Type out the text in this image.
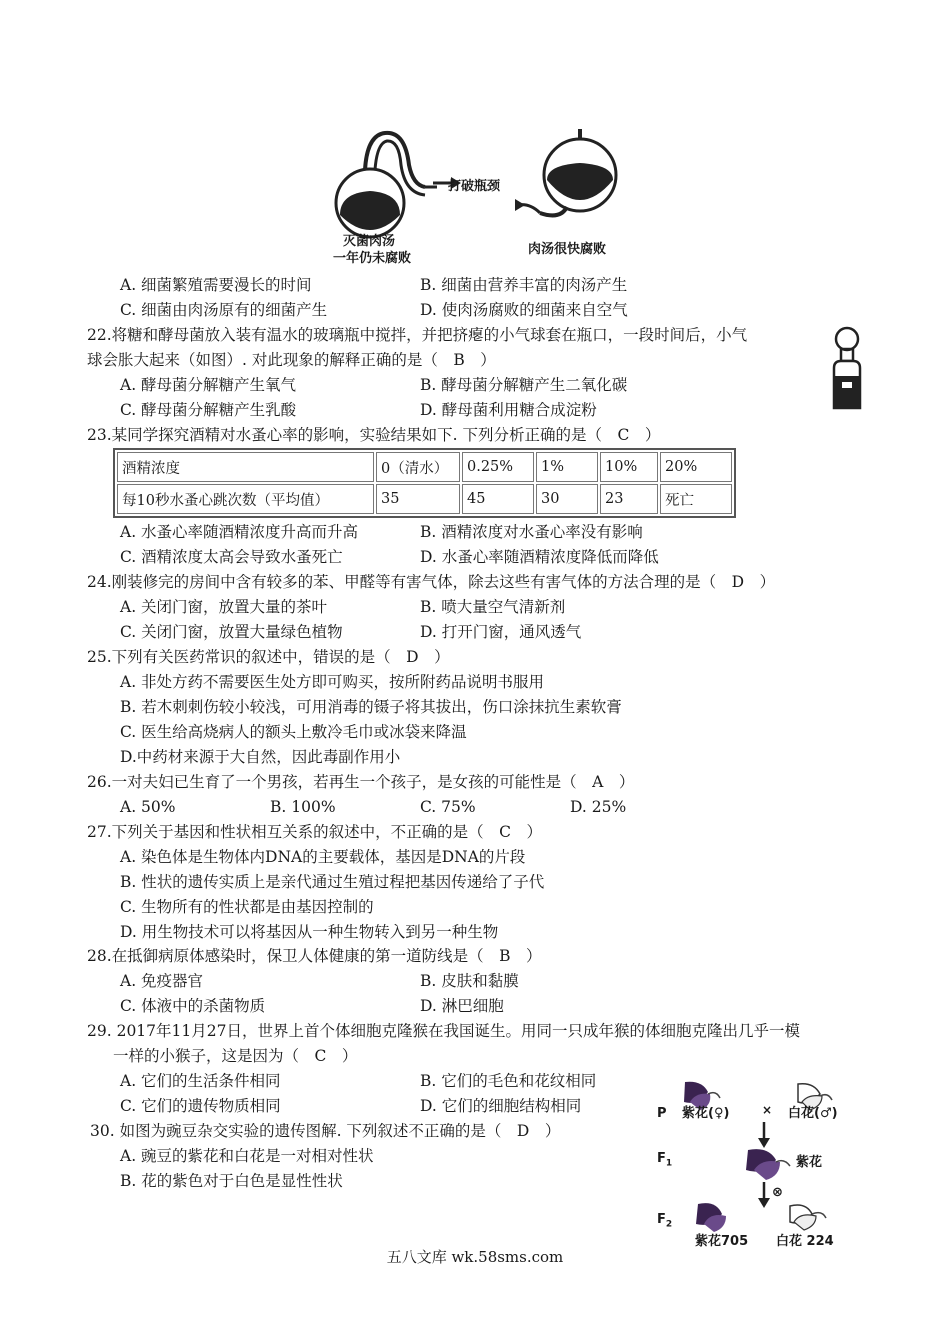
打破瓶颈
灭菌肉汤
一年仍未腐败
肉汤很快腐败
A. 细菌繁殖需要漫长的时间	B. 细菌由营养丰富的肉汤产生
C. 细菌由肉汤原有的细菌产生	D. 使肉汤腐败的细菌来自空气
22.将糖和酵母菌放入装有温水的玻璃瓶中搅拌，并把挤瘪的小气球套在瓶口，一段时间后，小气
球会胀大起来（如图）. 对此现象的解释正确的是（　B　）
A. 酵母菌分解糖产生氧气	B. 酵母菌分解糖产生二氧化碳
C. 酵母菌分解糖产生乳酸	D. 酵母菌利用糖合成淀粉
23.某同学探究酒精对水蚤心率的影响，实验结果如下. 下列分析正确的是（　C　）
酒精浓度	0（清水）	0.25%	1%	10%	20%
每10秒水蚤心跳次数（平均值）	35	45	30	23	死亡
A. 水蚤心率随酒精浓度升高而升高	B. 酒精浓度对水蚤心率没有影响
C. 酒精浓度太高会导致水蚤死亡	D. 水蚤心率随酒精浓度降低而降低
24.刚装修完的房间中含有较多的苯、甲醛等有害气体，除去这些有害气体的方法合理的是（　D　）
A. 关闭门窗，放置大量的茶叶	B. 喷大量空气清新剂
C. 关闭门窗，放置大量绿色植物	D. 打开门窗，通风透气
25.下列有关医药常识的叙述中，错误的是（　D　）
A. 非处方药不需要医生处方即可购买，按所附药品说明书服用
B. 若木刺刺伤较小较浅，可用消毒的镊子将其拔出，伤口涂抹抗生素软膏
C. 医生给高烧病人的额头上敷冷毛巾或冰袋来降温
D.中药材来源于大自然，因此毒副作用小
26.一对夫妇已生育了一个男孩，若再生一个孩子，是女孩的可能性是（　A　）
A. 50%	B. 100%	C. 75%	D. 25%
27.下列关于基因和性状相互关系的叙述中，不正确的是（　C　）
A. 染色体是生物体内DNA的主要载体，基因是DNA的片段
B. 性状的遗传实质上是亲代通过生殖过程把基因传递给了子代
C. 生物所有的性状都是由基因控制的
D. 用生物技术可以将基因从一种生物转入到另一种生物
28.在抵御病原体感染时，保卫人体健康的第一道防线是（　B　）
A. 免疫器官	B. 皮肤和黏膜
C. 体液中的杀菌物质	D. 淋巴细胞
29. 2017年11月27日，世界上首个体细胞克隆猴在我国诞生。用同一只成年猴的体细胞克隆出几乎一模
一样的小猴子，这是因为（　C　）
A. 它们的生活条件相同	B. 它们的毛色和花纹相同
C. 它们的遗传物质相同	D. 它们的细胞结构相同
30. 如图为豌豆杂交实验的遗传图解. 下列叙述不正确的是（　D　）
A. 豌豆的紫花和白花是一对相对性状
B. 花的紫色对于白色是显性性状
P 紫花(♀)	× 白花(♂)
$F_1$	紫花
⊗
$F_2$
紫花705 白花 224
五八文库 wk.58sms.com
